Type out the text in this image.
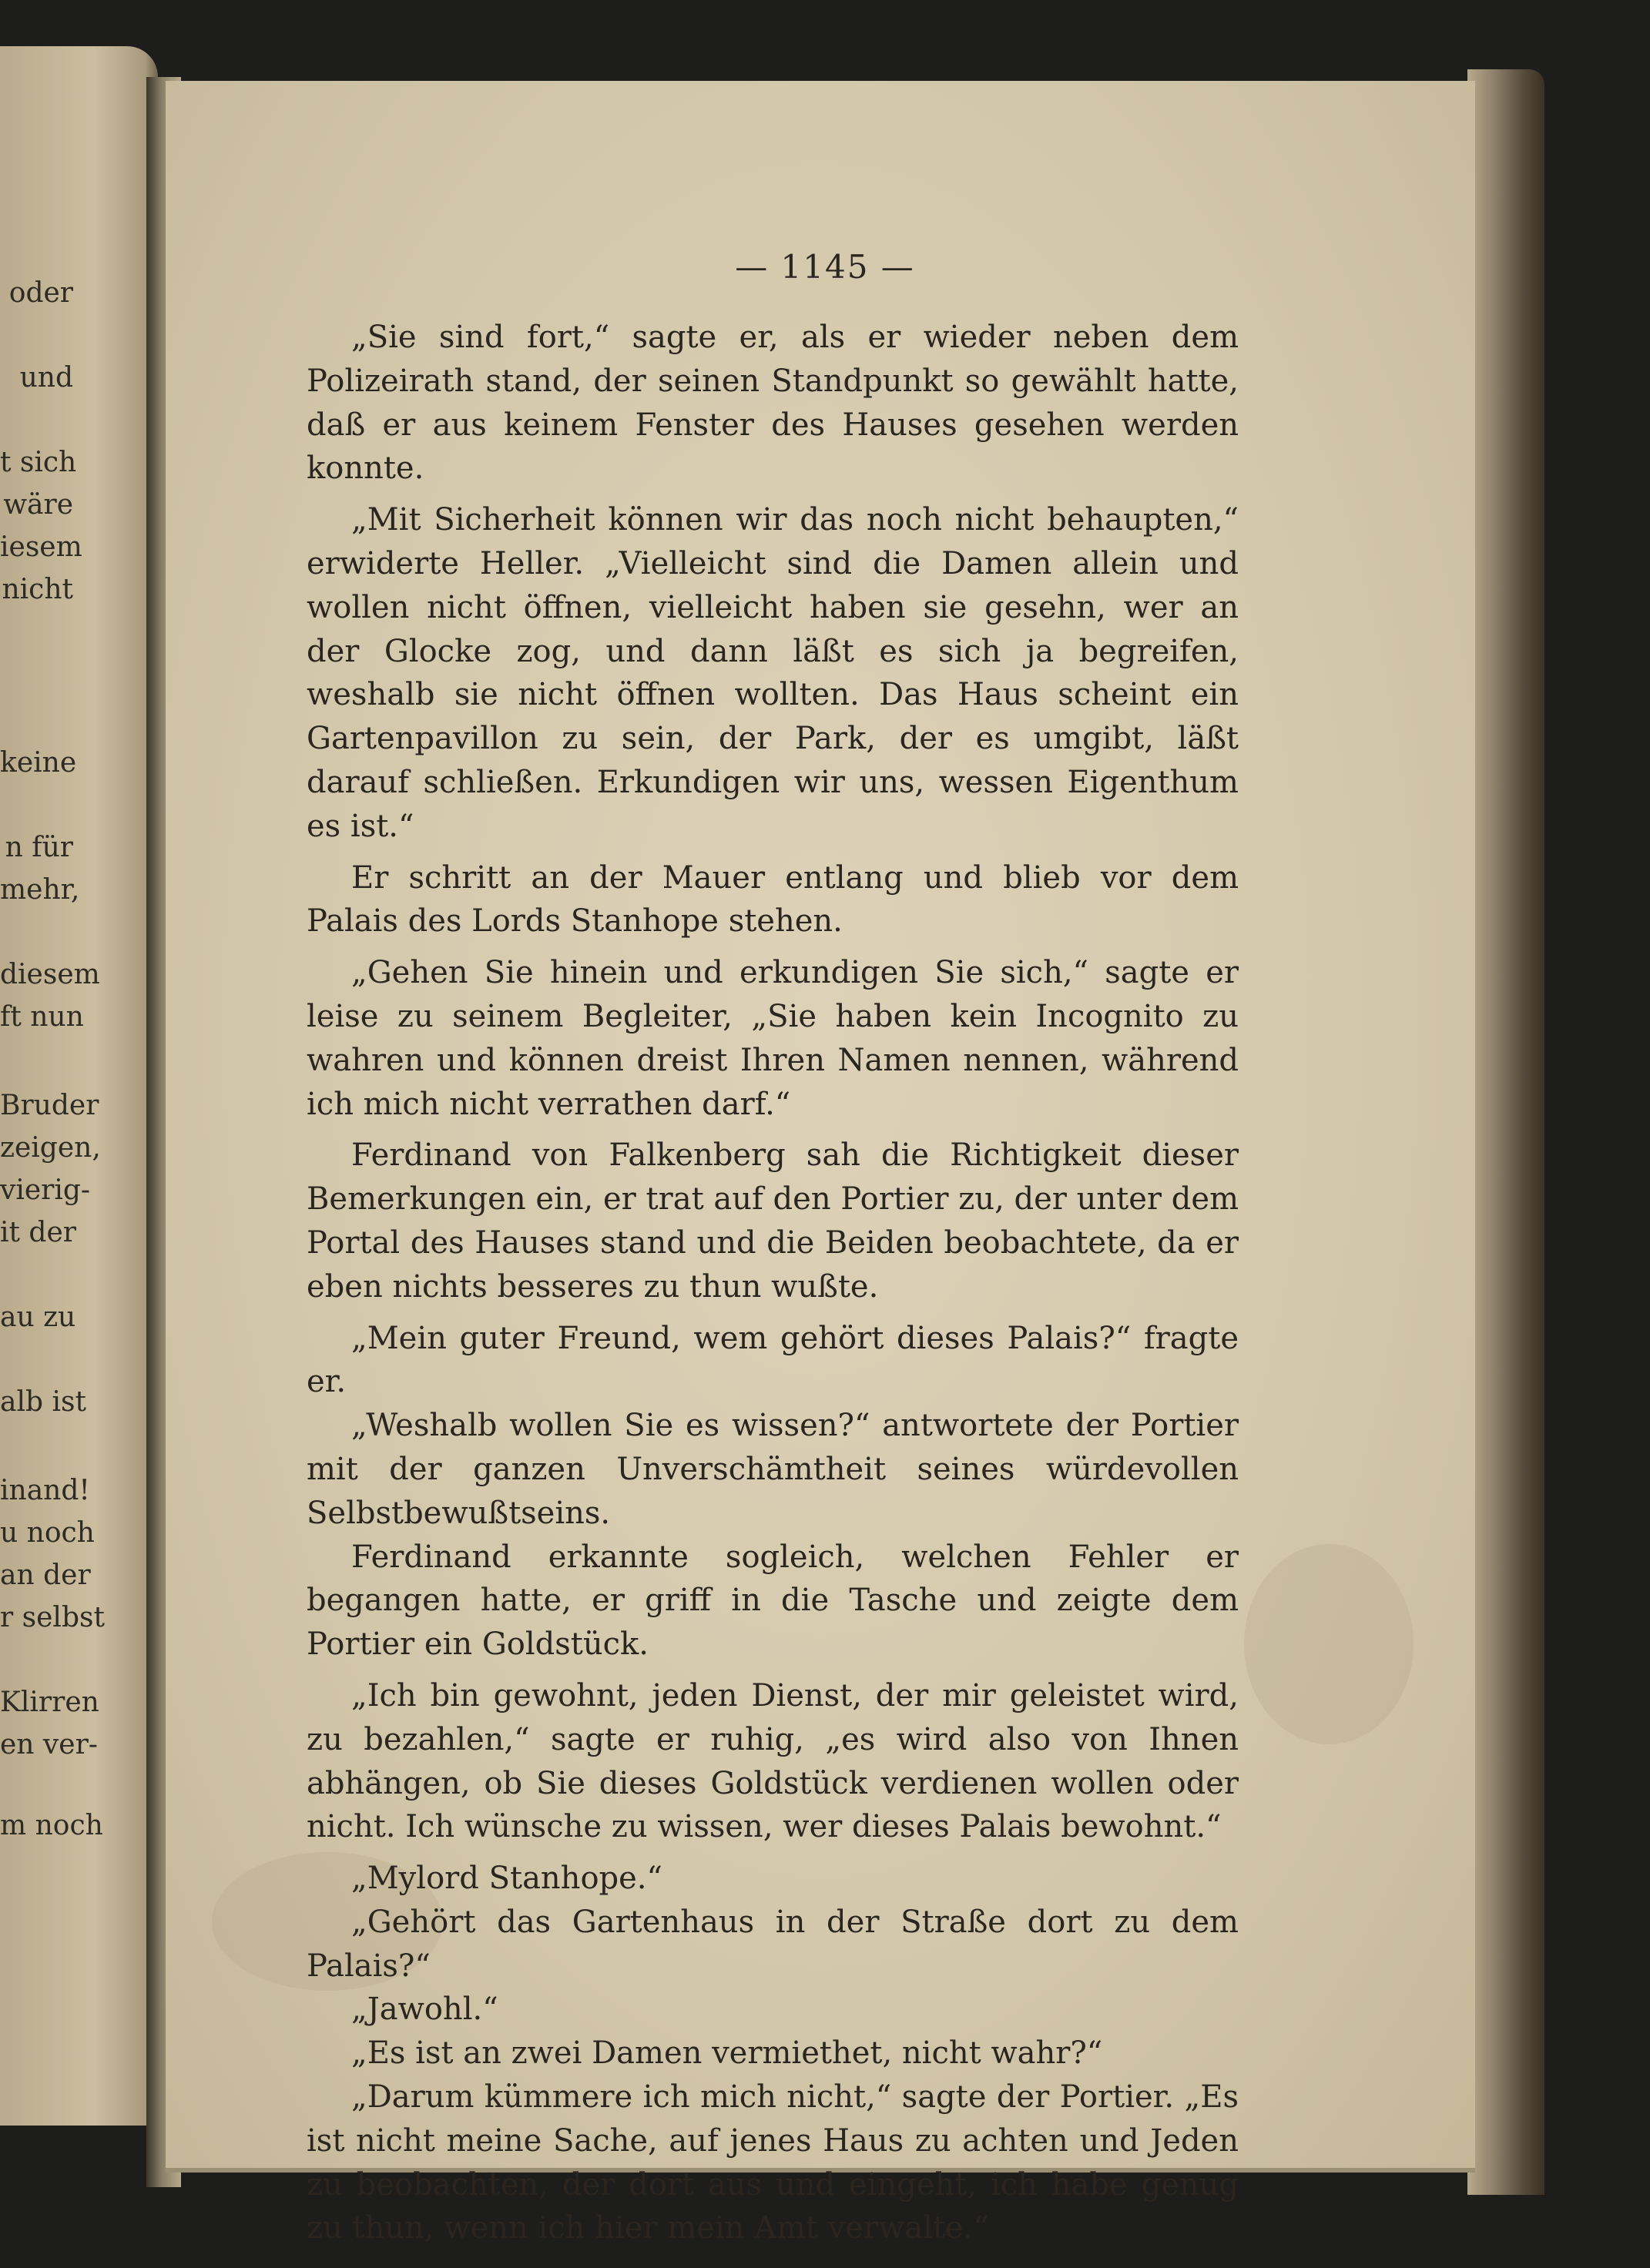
oder
und
t sich
wäre
iesem
nicht
keine
n für
mehr,
diesem
ft nun
Bruder
zeigen,
vierig-
it der
au zu
alb ist
inand!
u noch
an der
r selbst
Klirren
en ver-
m noch
— 1145 —

„Sie sind fort,“ sagte er, als er wieder neben dem Polizeirath stand, der seinen Standpunkt so gewählt hatte, daß er aus keinem Fenster des Hauses gesehen werden konnte.

„Mit Sicherheit können wir das noch nicht behaupten,“ erwiderte Heller. „Vielleicht sind die Damen allein und wollen nicht öffnen, vielleicht haben sie gesehn, wer an der Glocke zog, und dann läßt es sich ja begreifen, weshalb sie nicht öffnen wollten. Das Haus scheint ein Gartenpavillon zu sein, der Park, der es umgibt, läßt darauf schließen. Erkundigen wir uns, wessen Eigenthum es ist.“

Er schritt an der Mauer entlang und blieb vor dem Palais des Lords Stanhope stehen.

„Gehen Sie hinein und erkundigen Sie sich,“ sagte er leise zu seinem Begleiter, „Sie haben kein Incognito zu wahren und können dreist Ihren Namen nennen, während ich mich nicht verrathen darf.“

Ferdinand von Falkenberg sah die Richtigkeit dieser Bemerkungen ein, er trat auf den Portier zu, der unter dem Portal des Hauses stand und die Beiden beobachtete, da er eben nichts besseres zu thun wußte.

„Mein guter Freund, wem gehört dieses Palais?“ fragte er.

„Weshalb wollen Sie es wissen?“ antwortete der Portier mit der ganzen Unverschämtheit seines würdevollen Selbstbewußtseins.

Ferdinand erkannte sogleich, welchen Fehler er begangen hatte, er griff in die Tasche und zeigte dem Portier ein Goldstück.

„Ich bin gewohnt, jeden Dienst, der mir geleistet wird, zu bezahlen,“ sagte er ruhig, „es wird also von Ihnen abhängen, ob Sie dieses Goldstück verdienen wollen oder nicht. Ich wünsche zu wissen, wer dieses Palais bewohnt.“

„Mylord Stanhope.“

„Gehört das Gartenhaus in der Straße dort zu dem Palais?“

„Jawohl.“

„Es ist an zwei Damen vermiethet, nicht wahr?“

„Darum kümmere ich mich nicht,“ sagte der Portier. „Es ist nicht meine Sache, auf jenes Haus zu achten und Jeden zu beobachten, der dort aus und eingeht, ich habe genug zu thun, wenn ich hier mein Amt verwalte.“
